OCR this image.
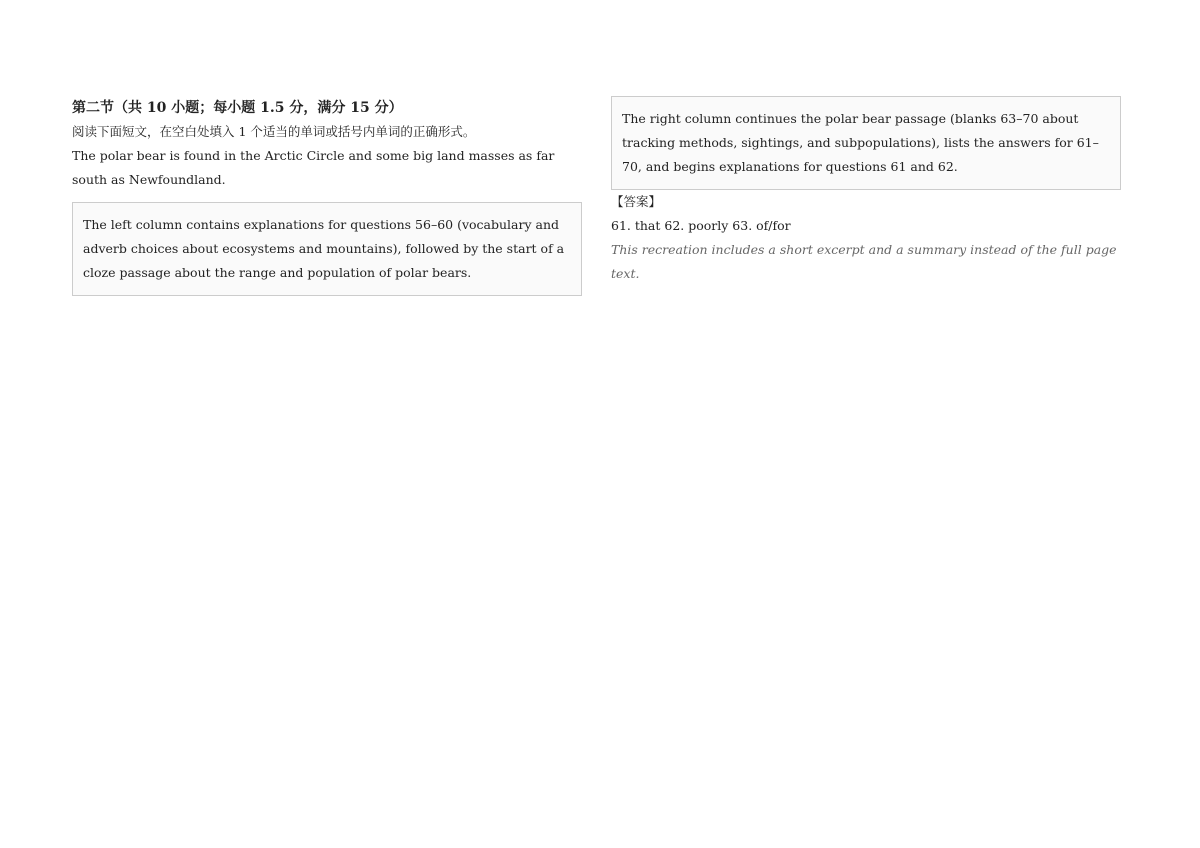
第二节（共 10 小题；每小题 1.5 分，满分 15 分）
阅读下面短文，在空白处填入 1 个适当的单词或括号内单词的正确形式。
The polar bear is found in the Arctic Circle and some big land masses as far south as Newfoundland.
The left column contains explanations for questions 56–60 (vocabulary and adverb choices about ecosystems and mountains), followed by the start of a cloze passage about the range and population of polar bears.
The right column continues the polar bear passage (blanks 63–70 about tracking methods, sightings, and subpopulations), lists the answers for 61–70, and begins explanations for questions 61 and 62.
【答案】
61. that 62. poorly 63. of/for
This recreation includes a short excerpt and a summary instead of the full page text.
